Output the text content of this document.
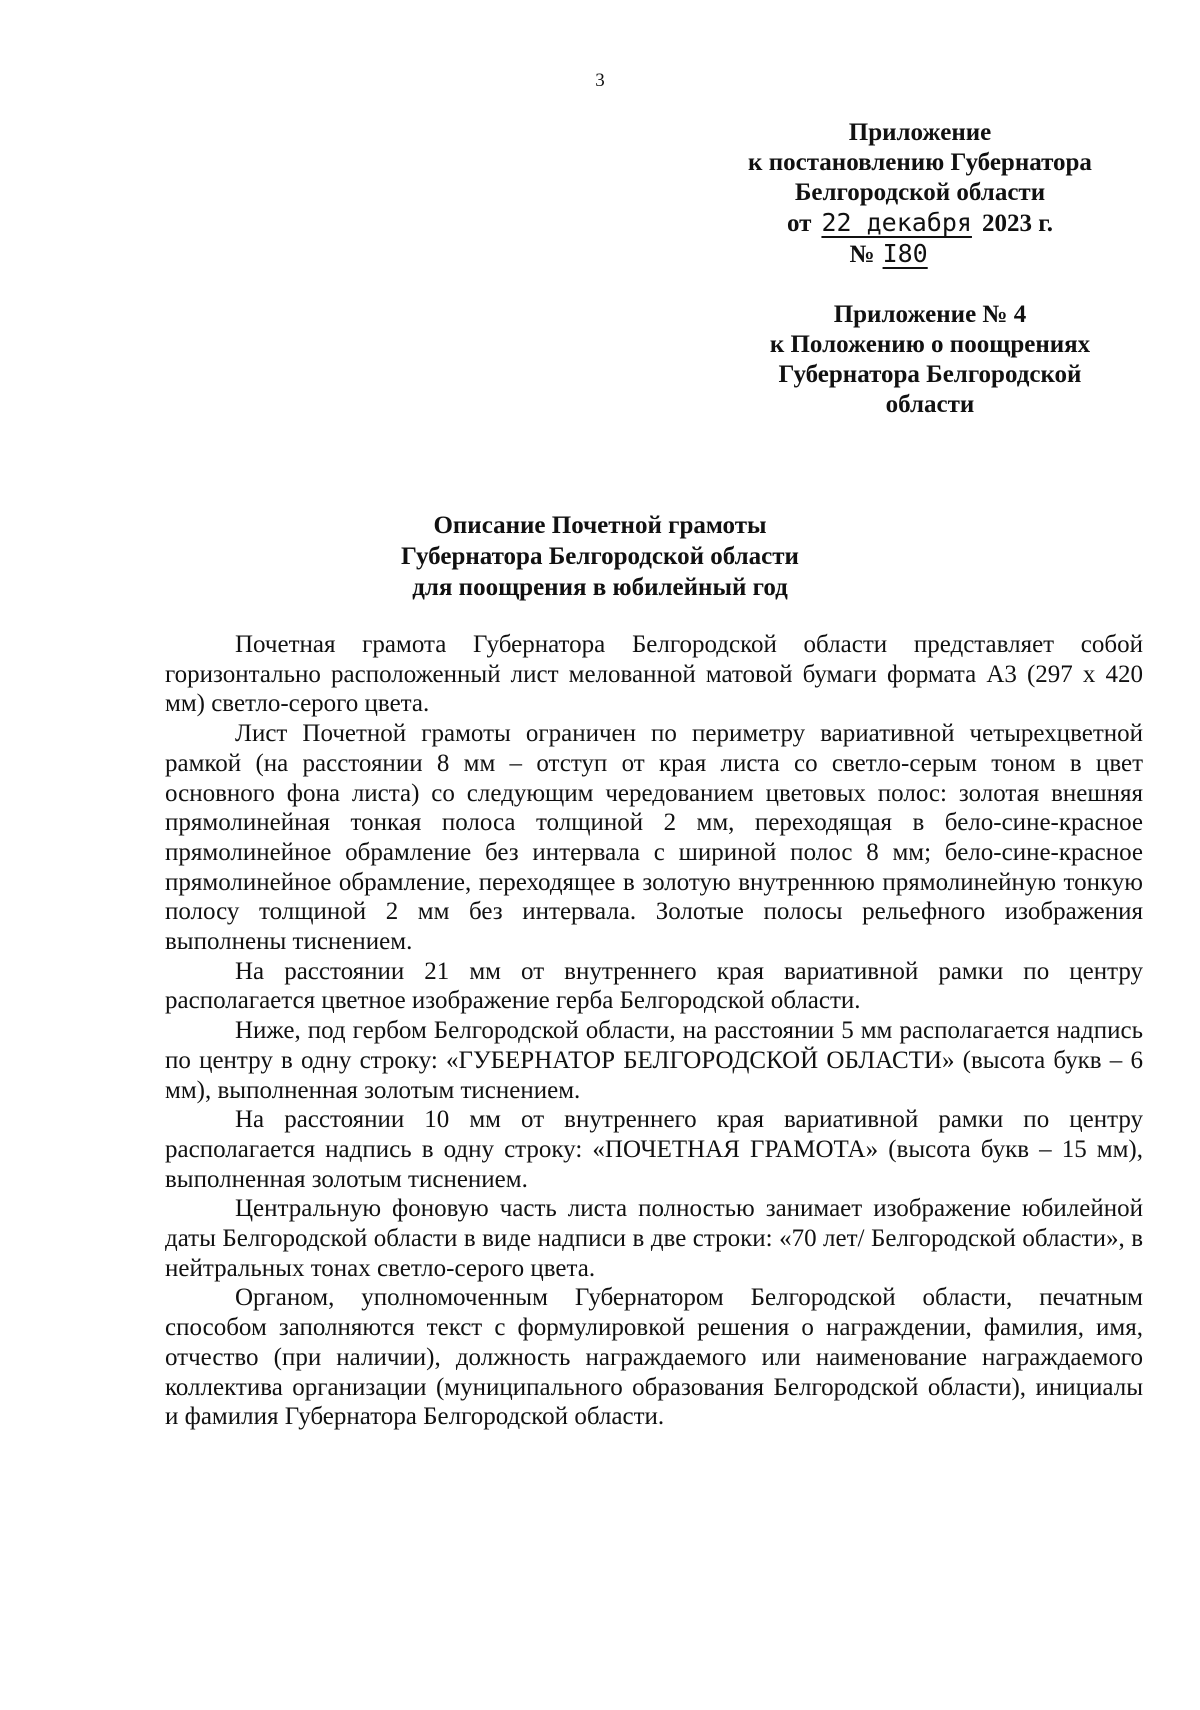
3
Приложение
к постановлению Губернатора
Белгородской области
от 22 декабря 2023 г.
№ I80
Приложение № 4
к Положению о поощрениях
Губернатора Белгородской
области
Описание Почетной грамоты
Губернатора Белгородской области
для поощрения в юбилейный год

Почетная грамота Губернатора Белгородской области представляет собой горизонтально расположенный лист мелованной матовой бумаги формата А3 (297 x 420 мм) светло-серого цвета.

Лист Почетной грамоты ограничен по периметру вариативной четырехцветной рамкой (на расстоянии 8 мм – отступ от края листа со светло-серым тоном в цвет основного фона листа) со следующим чередованием цветовых полос: золотая внешняя прямолинейная тонкая полоса толщиной 2 мм, переходящая в бело-сине-красное прямолинейное обрамление без интервала с шириной полос 8 мм; бело-сине-красное прямолинейное обрамление, переходящее в золотую внутреннюю прямолинейную тонкую полосу толщиной 2 мм без интервала. Золотые полосы рельефного изображения выполнены тиснением.

На расстоянии 21 мм от внутреннего края вариативной рамки по центру располагается цветное изображение герба Белгородской области.

Ниже, под гербом Белгородской области, на расстоянии 5 мм располагается надпись по центру в одну строку: «ГУБЕРНАТОР БЕЛГОРОДСКОЙ ОБЛАСТИ» (высота букв – 6 мм), выполненная золотым тиснением.

На расстоянии 10 мм от внутреннего края вариативной рамки по центру располагается надпись в одну строку: «ПОЧЕТНАЯ ГРАМОТА» (высота букв – 15 мм), выполненная золотым тиснением.

Центральную фоновую часть листа полностью занимает изображение юбилейной даты Белгородской области в виде надписи в две строки: «70 лет/ Белгородской области», в нейтральных тонах светло-серого цвета.

Органом, уполномоченным Губернатором Белгородской области, печатным способом заполняются текст с формулировкой решения о награждении, фамилия, имя, отчество (при наличии), должность награждаемого или наименование награждаемого коллектива организации (муниципального образования Белгородской области), инициалы и фамилия Губернатора Белгородской области.
